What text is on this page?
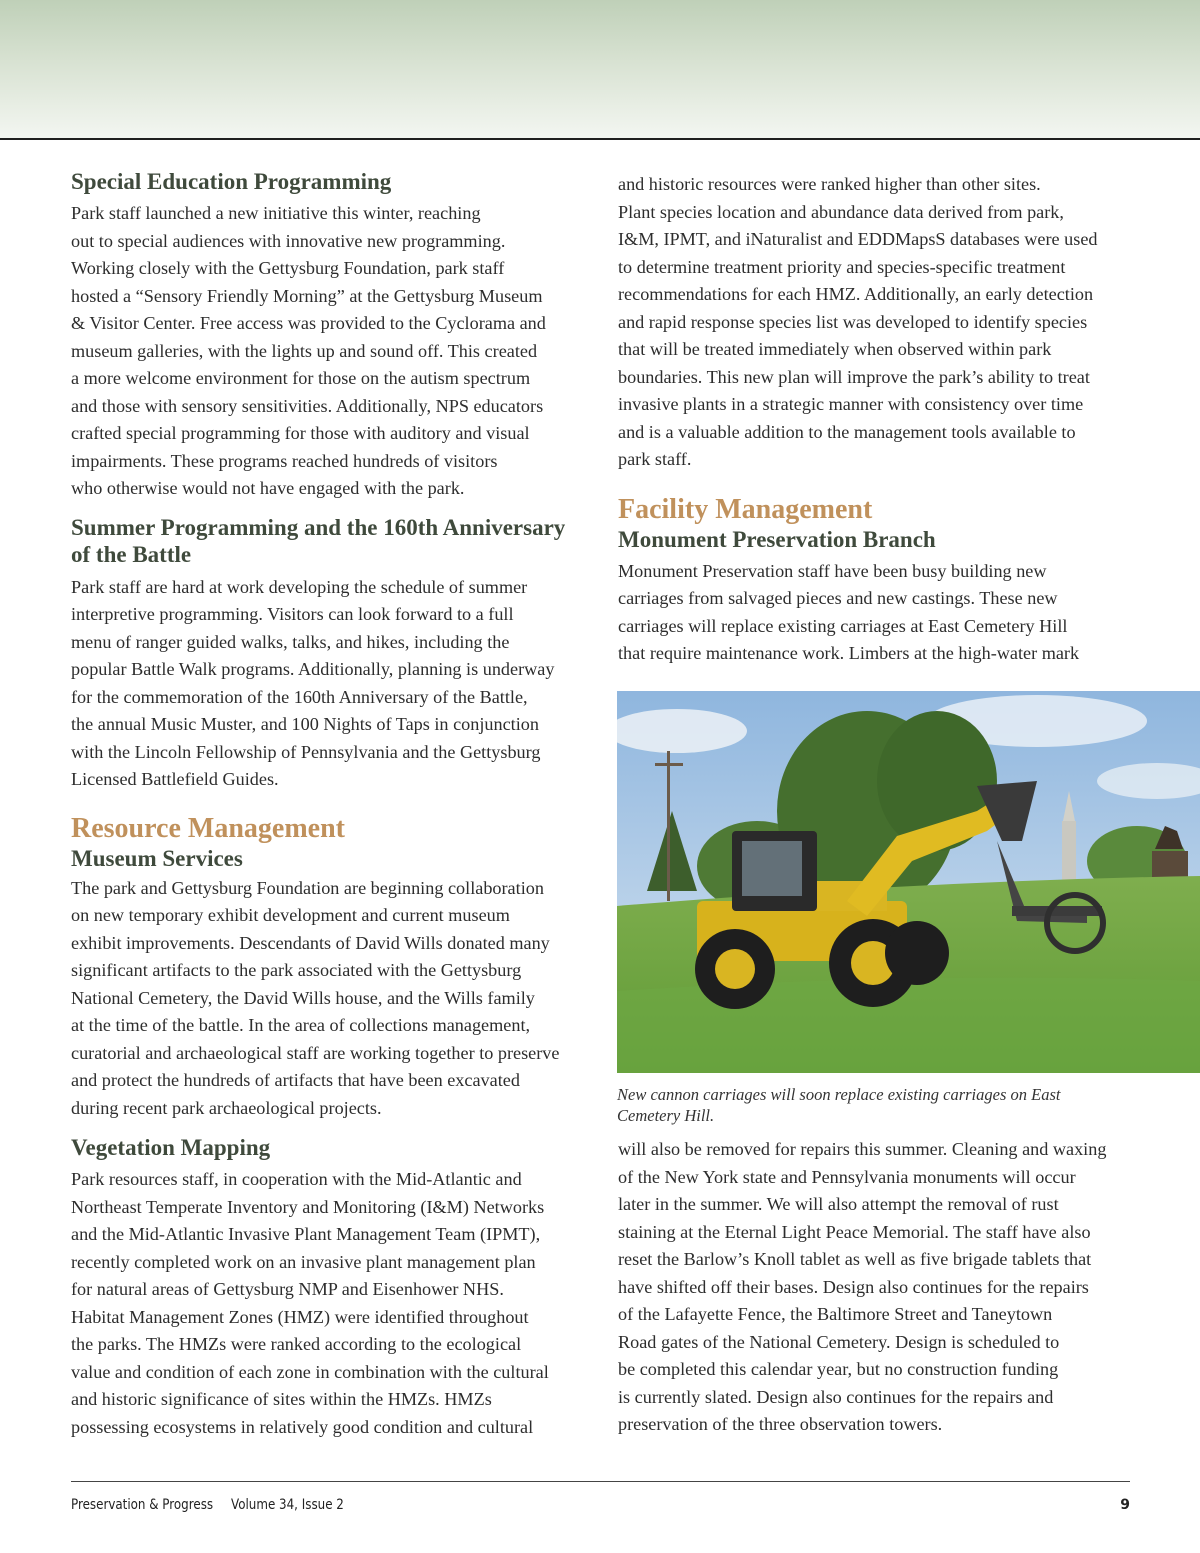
Special Education Programming

Park staff launched a new initiative this winter, reaching
out to special audiences with innovative new programming.
Working closely with the Gettysburg Foundation, park staff
hosted a “Sensory Friendly Morning” at the Gettysburg Museum
& Visitor Center. Free access was provided to the Cyclorama and
museum galleries, with the lights up and sound off. This created
a more welcome environment for those on the autism spectrum
and those with sensory sensitivities. Additionally, NPS educators
crafted special programming for those with auditory and visual
impairments. These programs reached hundreds of visitors
who otherwise would not have engaged with the park.

Summer Programming and the 160th Anniversary
of the Battle

Park staff are hard at work developing the schedule of summer
interpretive programming. Visitors can look forward to a full
menu of ranger guided walks, talks, and hikes, including the
popular Battle Walk programs. Additionally, planning is underway
for the commemoration of the 160th Anniversary of the Battle,
the annual Music Muster, and 100 Nights of Taps in conjunction
with the Lincoln Fellowship of Pennsylvania and the Gettysburg
Licensed Battlefield Guides.

Resource Management
Museum Services

The park and Gettysburg Foundation are beginning collaboration
on new temporary exhibit development and current museum
exhibit improvements. Descendants of David Wills donated many
significant artifacts to the park associated with the Gettysburg
National Cemetery, the David Wills house, and the Wills family
at the time of the battle. In the area of collections management,
curatorial and archaeological staff are working together to preserve
and protect the hundreds of artifacts that have been excavated
during recent park archaeological projects.

Vegetation Mapping

Park resources staff, in cooperation with the Mid-Atlantic and
Northeast Temperate Inventory and Monitoring (I&M) Networks
and the Mid-Atlantic Invasive Plant Management Team (IPMT),
recently completed work on an invasive plant management plan
for natural areas of Gettysburg NMP and Eisenhower NHS.
Habitat Management Zones (HMZ) were identified throughout
the parks. The HMZs were ranked according to the ecological
value and condition of each zone in combination with the cultural
and historic significance of sites within the HMZs. HMZs
possessing ecosystems in relatively good condition and cultural

and historic resources were ranked higher than other sites.
Plant species location and abundance data derived from park,
I&M, IPMT, and iNaturalist and EDDMapsS databases were used
to determine treatment priority and species-specific treatment
recommendations for each HMZ. Additionally, an early detection
and rapid response species list was developed to identify species
that will be treated immediately when observed within park
boundaries. This new plan will improve the park’s ability to treat
invasive plants in a strategic manner with consistency over time
and is a valuable addition to the management tools available to
park staff.

Facility Management
Monument Preservation Branch

Monument Preservation staff have been busy building new
carriages from salvaged pieces and new castings. These new
carriages will replace existing carriages at East Cemetery Hill
that require maintenance work. Limbers at the high-water mark

New cannon carriages will soon replace existing carriages on East
Cemetery Hill.

will also be removed for repairs this summer. Cleaning and waxing
of the New York state and Pennsylvania monuments will occur
later in the summer. We will also attempt the removal of rust
staining at the Eternal Light Peace Memorial. The staff have also
reset the Barlow’s Knoll tablet as well as five brigade tablets that
have shifted off their bases. Design also continues for the repairs
of the Lafayette Fence, the Baltimore Street and Taneytown
Road gates of the National Cemetery. Design is scheduled to
be completed this calendar year, but no construction funding
is currently slated. Design also continues for the repairs and
preservation of the three observation towers.

Preservation & Progress Volume 34, Issue 2	9
